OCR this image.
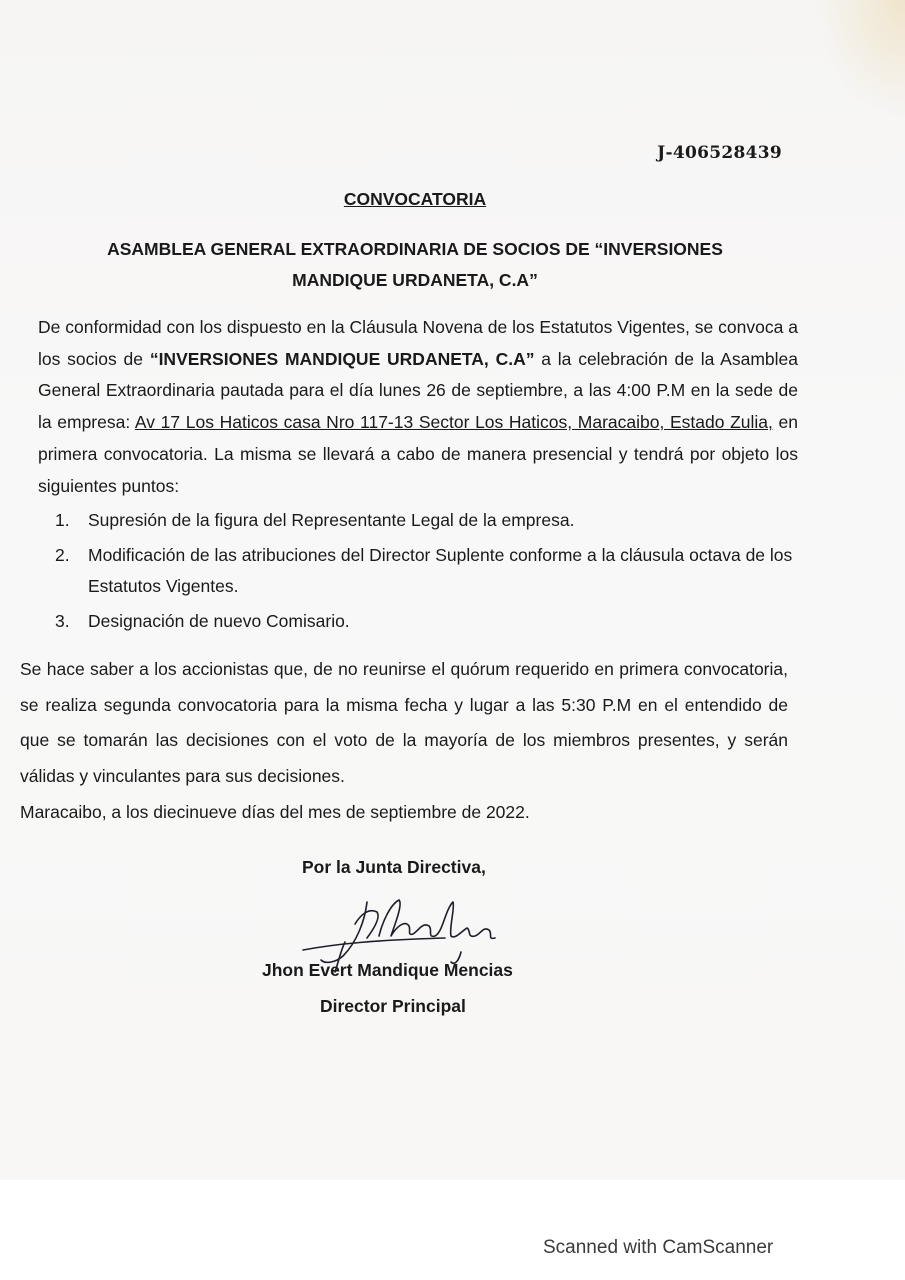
J-406528439
CONVOCATORIA
ASAMBLEA GENERAL EXTRAORDINARIA DE SOCIOS DE “INVERSIONES
MANDIQUE URDANETA, C.A”
De conformidad con los dispuesto en la Cláusula Novena de los Estatutos Vigentes, se convoca a los socios de “INVERSIONES MANDIQUE URDANETA, C.A” a la celebración de la Asamblea General Extraordinaria pautada para el día lunes 26 de septiembre, a las 4:00 P.M en la sede de la empresa: Av 17 Los Haticos casa Nro 117-13 Sector Los Haticos, Maracaibo, Estado Zulia, en primera convocatoria. La misma se llevará a cabo de manera presencial y tendrá por objeto los siguientes puntos:
1. Supresión de la figura del Representante Legal de la empresa.
2. Modificación de las atribuciones del Director Suplente conforme a la cláusula octava de los Estatutos Vigentes.
3. Designación de nuevo Comisario.
Se hace saber a los accionistas que, de no reunirse el quórum requerido en primera convocatoria, se realiza segunda convocatoria para la misma fecha y lugar a las 5:30 P.M en el entendido de que se tomarán las decisiones con el voto de la mayoría de los miembros presentes, y serán válidas y vinculantes para sus decisiones.
Maracaibo, a los diecinueve días del mes de septiembre de 2022.
Por la Junta Directiva,
Jhon Evert Mandique Mencias
Director Principal
Scanned with CamScanner
